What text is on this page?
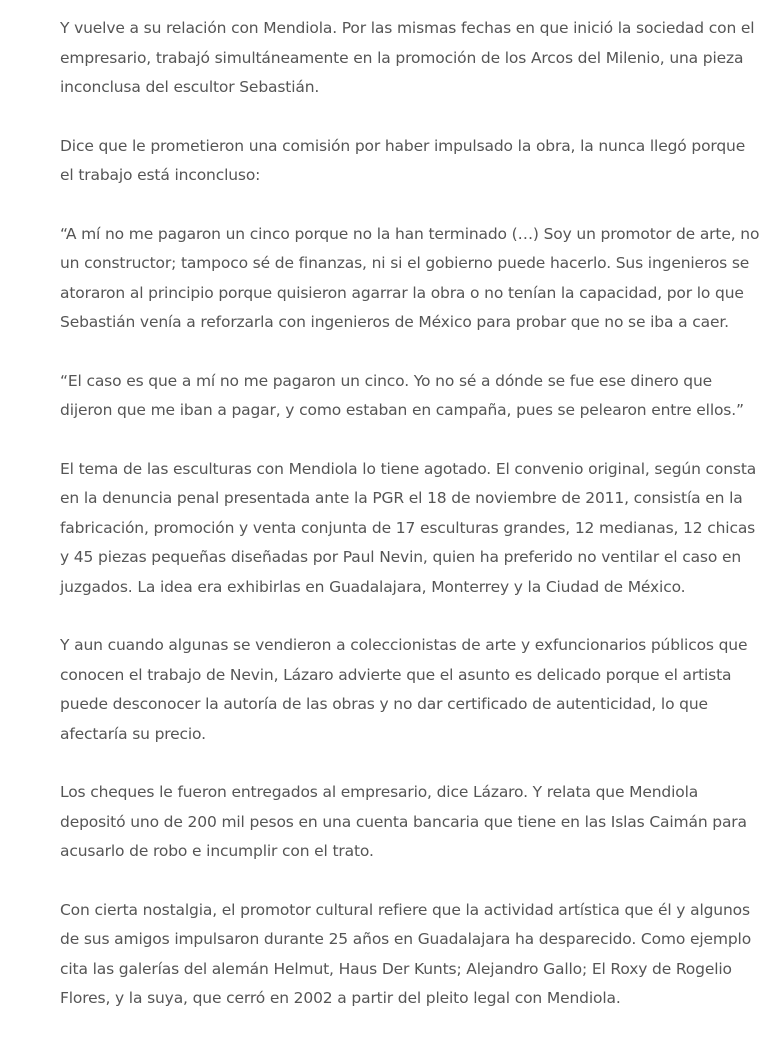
Y vuelve a su relación con Mendiola. Por las mismas fechas en que inició la sociedad con el empresario, trabajó simultáneamente en la promoción de los Arcos del Milenio, una pieza inconclusa del escultor Sebastián.

Dice que le prometieron una comisión por haber impulsado la obra, la nunca llegó porque el trabajo está inconcluso:

“A mí no me pagaron un cinco porque no la han terminado (…) Soy un promotor de arte, no un constructor; tampoco sé de finanzas, ni si el gobierno puede hacerlo. Sus ingenieros se atoraron al principio porque quisieron agarrar la obra o no tenían la capacidad, por lo que Sebastián venía a reforzarla con ingenieros de México para probar que no se iba a caer.

“El caso es que a mí no me pagaron un cinco. Yo no sé a dónde se fue ese dinero que dijeron que me iban a pagar, y como estaban en campaña, pues se pelearon entre ellos.”

El tema de las esculturas con Mendiola lo tiene agotado. El convenio original, según consta en la denuncia penal presentada ante la PGR el 18 de noviembre de 2011, consistía en la fabricación, promoción y venta conjunta de 17 esculturas grandes, 12 medianas, 12 chicas y 45 piezas pequeñas diseñadas por Paul Nevin, quien ha preferido no ventilar el caso en juzgados. La idea era exhibirlas en Guadalajara, Monterrey y la Ciudad de México.

Y aun cuando algunas se vendieron a coleccionistas de arte y exfuncionarios públicos que conocen el trabajo de Nevin, Lázaro advierte que el asunto es delicado porque el artista puede desconocer la autoría de las obras y no dar certificado de autenticidad, lo que afectaría su precio.

Los cheques le fueron entregados al empresario, dice Lázaro. Y relata que Mendiola depositó uno de 200 mil pesos en una cuenta bancaria que tiene en las Islas Caimán para acusarlo de robo e incumplir con el trato.

Con cierta nostalgia, el promotor cultural refiere que la actividad artística que él y algunos de sus amigos impulsaron durante 25 años en Guadalajara ha desparecido. Como ejemplo cita las galerías del alemán Helmut, Haus Der Kunts; Alejandro Gallo; El Roxy de Rogelio Flores, y la suya, que cerró en 2002 a partir del pleito legal con Mendiola.
